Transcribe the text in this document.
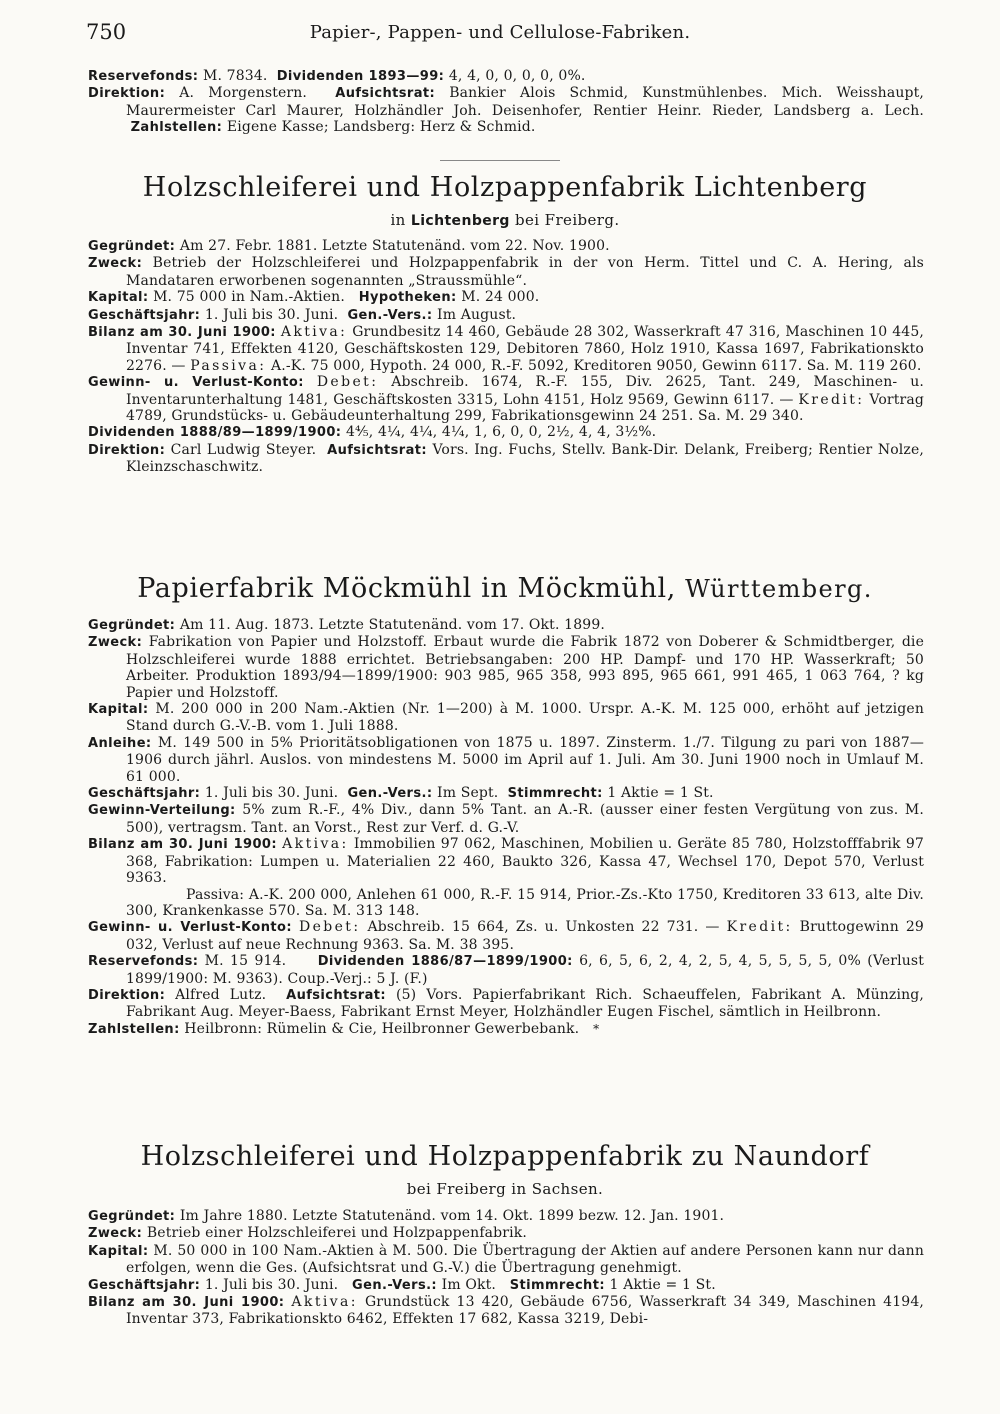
750	Papier-, Pappen- und Cellulose-Fabriken.

Reservefonds: M. 7834. Dividenden 1893—99: 4, 4, 0, 0, 0, 0, 0%.

Direktion: A. Morgenstern. Aufsichtsrat: Bankier Alois Schmid, Kunstmühlenbes. Mich. Weisshaupt, Maurermeister Carl Maurer, Holzhändler Joh. Deisenhofer, Rentier Heinr. Rieder, Landsberg a. Lech.  Zahlstellen: Eigene Kasse; Landsberg: Herz & Schmid.

Holzschleiferei und Holzpappenfabrik Lichtenberg
in Lichtenberg bei Freiberg.

Gegründet: Am 27. Febr. 1881. Letzte Statutenänd. vom 22. Nov. 1900.

Zweck: Betrieb der Holzschleiferei und Holzpappenfabrik in der von Herm. Tittel und C. A. Hering, als Mandataren erworbenen sogenannten „Straussmühle“.

Kapital: M. 75 000 in Nam.-Aktien. Hypotheken: M. 24 000.

Geschäftsjahr: 1. Juli bis 30. Juni. Gen.-Vers.: Im August.

Bilanz am 30. Juni 1900: Aktiva: Grundbesitz 14 460, Gebäude 28 302, Wasserkraft 47 316, Maschinen 10 445, Inventar 741, Effekten 4120, Geschäftskosten 129, Debitoren 7860, Holz 1910, Kassa 1697, Fabrikationskto 2276. — Passiva: A.-K. 75 000, Hypoth. 24 000, R.-F. 5092, Kreditoren 9050, Gewinn 6117. Sa. M. 119 260.

Gewinn- u. Verlust-Konto: Debet: Abschreib. 1674, R.-F. 155, Div. 2625, Tant. 249, Maschinen- u. Inventarunterhaltung 1481, Geschäftskosten 3315, Lohn 4151, Holz 9569, Gewinn 6117. — Kredit: Vortrag 4789, Grundstücks- u. Gebäudeunterhaltung 299, Fabrikationsgewinn 24 251. Sa. M. 29 340.

Dividenden 1888/89—1899/1900: 4⅘, 4¼, 4¼, 4¼, 1, 6, 0, 0, 2½, 4, 4, 3½%.

Direktion: Carl Ludwig Steyer. Aufsichtsrat: Vors. Ing. Fuchs, Stellv. Bank-Dir. Delank, Freiberg; Rentier Nolze, Kleinzschaschwitz.

Papierfabrik Möckmühl in Möckmühl, Württemberg.

Gegründet: Am 11. Aug. 1873. Letzte Statutenänd. vom 17. Okt. 1899.

Zweck: Fabrikation von Papier und Holzstoff. Erbaut wurde die Fabrik 1872 von Doberer & Schmidtberger, die Holzschleiferei wurde 1888 errichtet. Betriebsangaben: 200 HP. Dampf- und 170 HP. Wasserkraft; 50 Arbeiter. Produktion 1893/94—1899/1900: 903 985, 965 358, 993 895, 965 661, 991 465, 1 063 764, ? kg Papier und Holzstoff.

Kapital: M. 200 000 in 200 Nam.-Aktien (Nr. 1—200) à M. 1000. Urspr. A.-K. M. 125 000, erhöht auf jetzigen Stand durch G.-V.-B. vom 1. Juli 1888.

Anleihe: M. 149 500 in 5% Prioritätsobligationen von 1875 u. 1897. Zinsterm. 1./7. Tilgung zu pari von 1887—1906 durch jährl. Auslos. von mindestens M. 5000 im April auf 1. Juli. Am 30. Juni 1900 noch in Umlauf M. 61 000.

Geschäftsjahr: 1. Juli bis 30. Juni. Gen.-Vers.: Im Sept. Stimmrecht: 1 Aktie = 1 St.

Gewinn-Verteilung: 5% zum R.-F., 4% Div., dann 5% Tant. an A.-R. (ausser einer festen Vergütung von zus. M. 500), vertragsm. Tant. an Vorst., Rest zur Verf. d. G.-V.

Bilanz am 30. Juni 1900: Aktiva: Immobilien 97 062, Maschinen, Mobilien u. Geräte 85 780, Holzstofffabrik 97 368, Fabrikation: Lumpen u. Materialien 22 460, Baukto 326, Kassa 47, Wechsel 170, Depot 570, Verlust 9363.

Passiva: A.-K. 200 000, Anlehen 61 000, R.-F. 15 914, Prior.-Zs.-Kto 1750, Kreditoren 33 613, alte Div. 300, Krankenkasse 570. Sa. M. 313 148.

Gewinn- u. Verlust-Konto: Debet: Abschreib. 15 664, Zs. u. Unkosten 22 731. — Kredit: Bruttogewinn 29 032, Verlust auf neue Rechnung 9363. Sa. M. 38 395.

Reservefonds: M. 15 914. Dividenden 1886/87—1899/1900: 6, 6, 5, 6, 2, 4, 2, 5, 4, 5, 5, 5, 5, 0% (Verlust 1899/1900: M. 9363). Coup.-Verj.: 5 J. (F.)

Direktion: Alfred Lutz. Aufsichtsrat: (5) Vors. Papierfabrikant Rich. Schaeuffelen, Fabrikant A. Münzing, Fabrikant Aug. Meyer-Baess, Fabrikant Ernst Meyer, Holzhändler Eugen Fischel, sämtlich in Heilbronn.

Zahlstellen: Heilbronn: Rümelin & Cie, Heilbronner Gewerbebank. *

Holzschleiferei und Holzpappenfabrik zu Naundorf
bei Freiberg in Sachsen.

Gegründet: Im Jahre 1880. Letzte Statutenänd. vom 14. Okt. 1899 bezw. 12. Jan. 1901.

Zweck: Betrieb einer Holzschleiferei und Holzpappenfabrik.

Kapital: M. 50 000 in 100 Nam.-Aktien à M. 500. Die Übertragung der Aktien auf andere Personen kann nur dann erfolgen, wenn die Ges. (Aufsichtsrat und G.-V.) die Übertragung genehmigt.

Geschäftsjahr: 1. Juli bis 30. Juni. Gen.-Vers.: Im Okt. Stimmrecht: 1 Aktie = 1 St.

Bilanz am 30. Juni 1900: Aktiva: Grundstück 13 420, Gebäude 6756, Wasserkraft 34 349, Maschinen 4194, Inventar 373, Fabrikationskto 6462, Effekten 17 682, Kassa 3219, Debi-
